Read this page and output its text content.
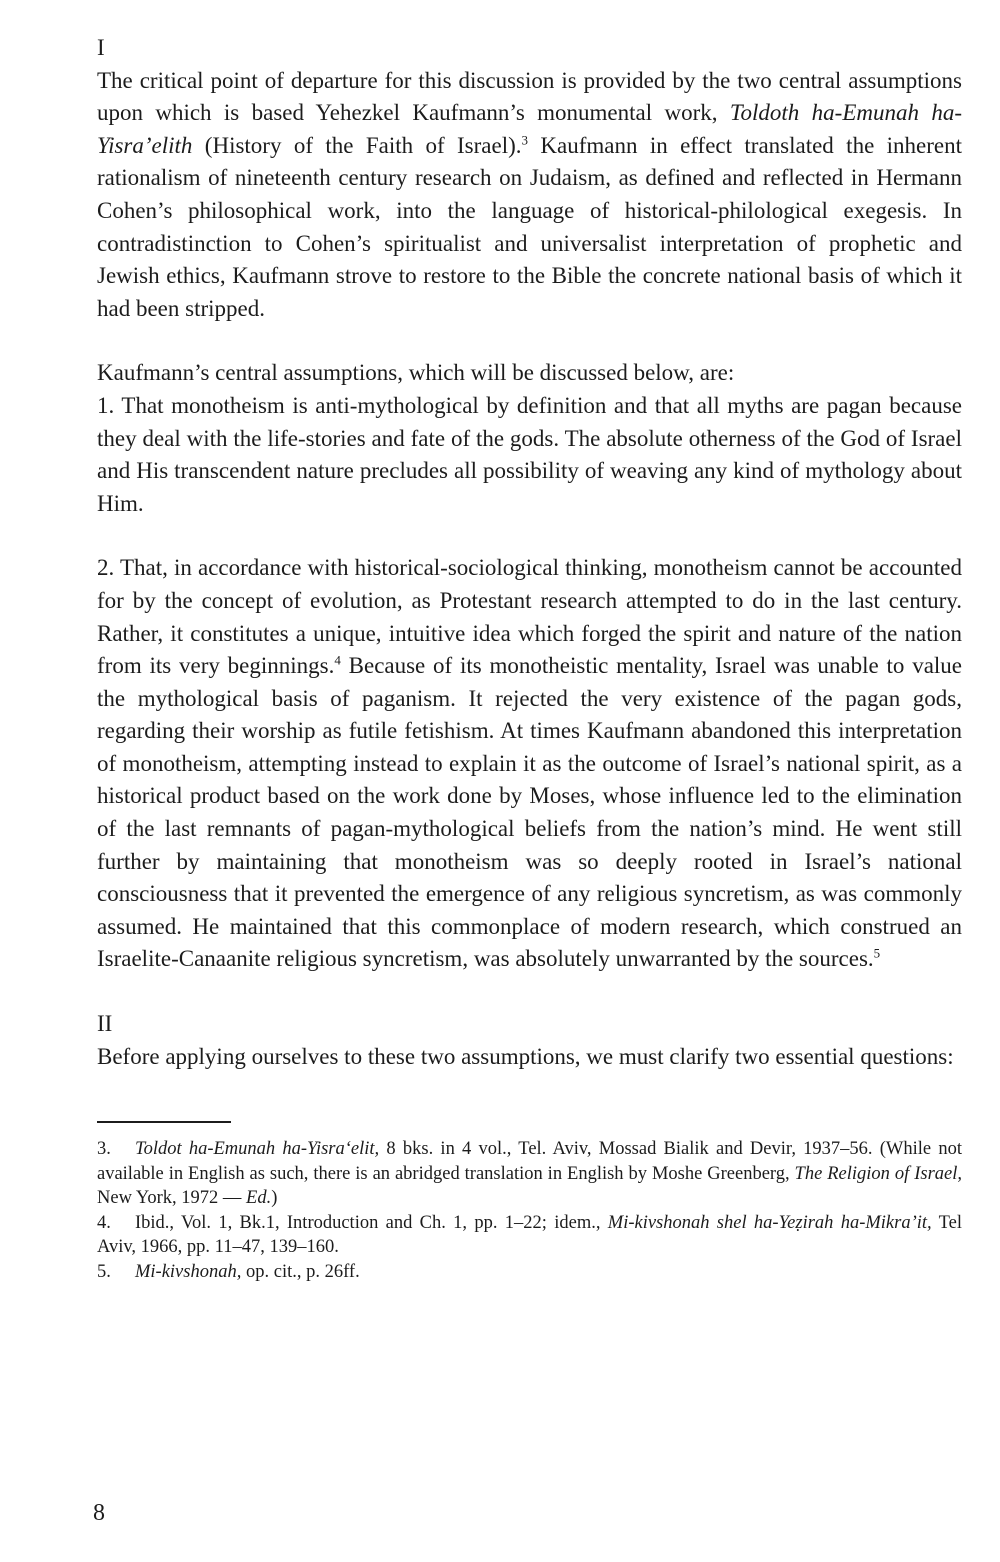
I

The critical point of departure for this discussion is provided by the two central assumptions upon which is based Yehezkel Kaufmann’s monumental work, Toldoth ha-Emunah ha-Yisra’elith (History of the Faith of Israel).$^3$ Kaufmann in effect translated the inherent rationalism of nineteenth century research on Judaism, as defined and reflected in Hermann Cohen’s philosophical work, into the language of historical-philological exegesis. In contradistinction to Cohen’s spiritualist and universalist interpretation of prophetic and Jewish ethics, Kaufmann strove to restore to the Bible the concrete national basis of which it had been stripped.

Kaufmann’s central assumptions, which will be discussed below, are:

1. That monotheism is anti-mythological by definition and that all myths are pagan because they deal with the life-stories and fate of the gods. The absolute otherness of the God of Israel and His transcendent nature precludes all possibility of weaving any kind of mythology about Him.

2. That, in accordance with historical-sociological thinking, monotheism cannot be accounted for by the concept of evolution, as Protestant research attempted to do in the last century. Rather, it constitutes a unique, intuitive idea which forged the spirit and nature of the nation from its very beginnings.$^4$ Because of its monotheistic mentality, Israel was unable to value the mythological basis of paganism. It rejected the very existence of the pagan gods, regarding their worship as futile fetishism. At times Kaufmann abandoned this interpretation of monotheism, attempting instead to explain it as the outcome of Israel’s national spirit, as a historical product based on the work done by Moses, whose influence led to the elimination of the last remnants of pagan-mythological beliefs from the nation’s mind. He went still further by maintaining that monotheism was so deeply rooted in Israel’s national consciousness that it prevented the emergence of any religious syncretism, as was commonly assumed. He maintained that this commonplace of modern research, which construed an Israelite-Canaanite religious syncretism, was absolutely unwarranted by the sources.$^5$

II

Before applying ourselves to these two assumptions, we must clarify two essential questions:

3. Toldot ha-Emunah ha-Yisra‘elit, 8 bks. in 4 vol., Tel. Aviv, Mossad Bialik and Devir, 1937–56. (While not available in English as such, there is an abridged translation in English by Moshe Greenberg, The Religion of Israel, New York, 1972 — Ed.)

4. Ibid., Vol. 1, Bk.1, Introduction and Ch. 1, pp. 1–22; idem., Mi-kivshonah shel ha-Yeẓirah ha-Mikra’it, Tel Aviv, 1966, pp. 11–47, 139–160.

5. Mi-kivshonah, op. cit., p. 26ff.

8
